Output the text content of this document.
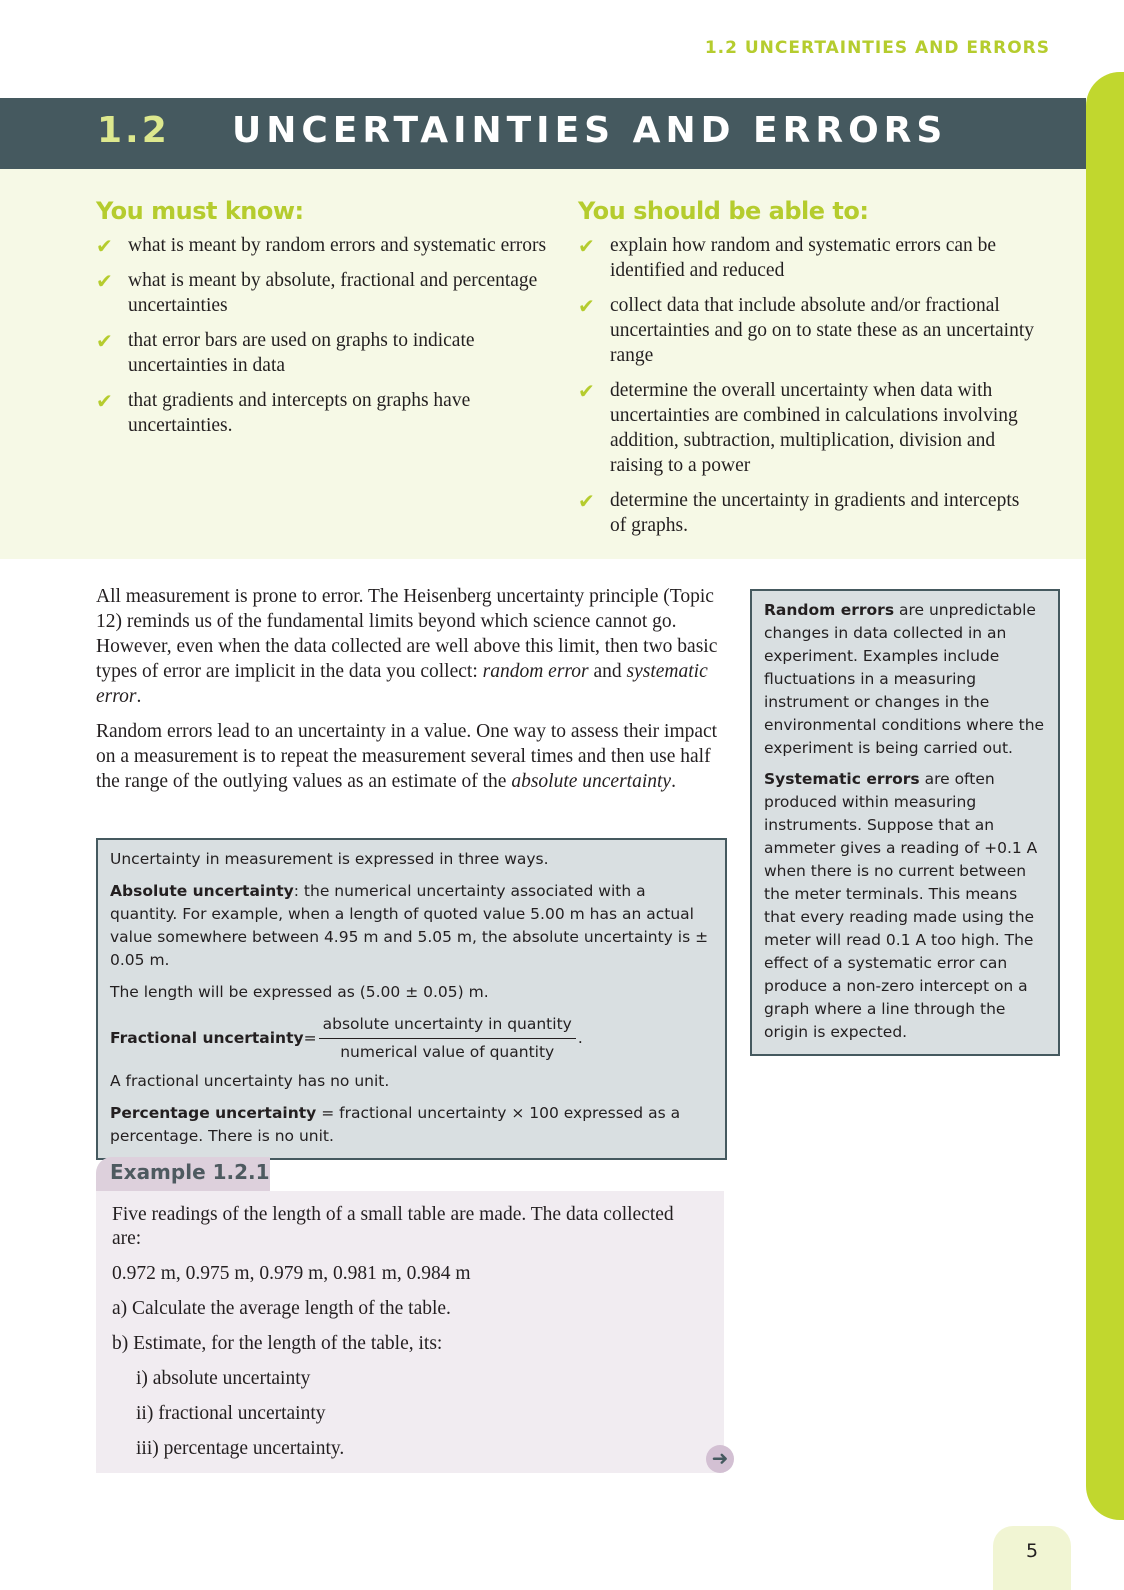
1.2 UNCERTAINTIES AND ERRORS
1.2 UNCERTAINTIES AND ERRORS
You must know:
✔ what is meant by random errors and systematic errors
✔ what is meant by absolute, fractional and percentage uncertainties
✔ that error bars are used on graphs to indicate uncertainties in data
✔ that gradients and intercepts on graphs have uncertainties.
You should be able to:
✔ explain how random and systematic errors can be identified and reduced
✔ collect data that include absolute and/or fractional uncertainties and go on to state these as an uncertainty range
✔ determine the overall uncertainty when data with uncertainties are combined in calculations involving addition, subtraction, multiplication, division and raising to a power
✔ determine the uncertainty in gradients and intercepts of graphs.

All measurement is prone to error. The Heisenberg uncertainty principle (Topic 12) reminds us of the fundamental limits beyond which science cannot go. However, even when the data collected are well above this limit, then two basic types of error are implicit in the data you collect: random error and systematic error.

Random errors lead to an uncertainty in a value. One way to assess their impact on a measurement is to repeat the measurement several times and then use half the range of the outlying values as an estimate of the absolute uncertainty.

Uncertainty in measurement is expressed in three ways.

Absolute uncertainty: the numerical uncertainty associated with a quantity. For example, when a length of quoted value 5.00 m has an actual value somewhere between 4.95 m and 5.05 m, the absolute uncertainty is ± 0.05 m.

The length will be expressed as (5.00 ± 0.05) m.

Fractional uncertainty = $\frac{\text{absolute uncertainty in quantity}}{\text{numerical value of quantity}}$ .

A fractional uncertainty has no unit.

Percentage uncertainty = fractional uncertainty × 100 expressed as a percentage. There is no unit.

Random errors are unpredictable changes in data collected in an experiment. Examples include fluctuations in a measuring instrument or changes in the environmental conditions where the experiment is being carried out.

Systematic errors are often produced within measuring instruments. Suppose that an ammeter gives a reading of +0.1 A when there is no current between the meter terminals. This means that every reading made using the meter will read 0.1 A too high. The effect of a systematic error can produce a non-zero intercept on a graph where a line through the origin is expected.

Example 1.2.1

Five readings of the length of a small table are made. The data collected are:

0.972 m, 0.975 m, 0.979 m, 0.981 m, 0.984 m

a) Calculate the average length of the table.

b) Estimate, for the length of the table, its:

i) absolute uncertainty

ii) fractional uncertainty

iii) percentage uncertainty.	➜
5
